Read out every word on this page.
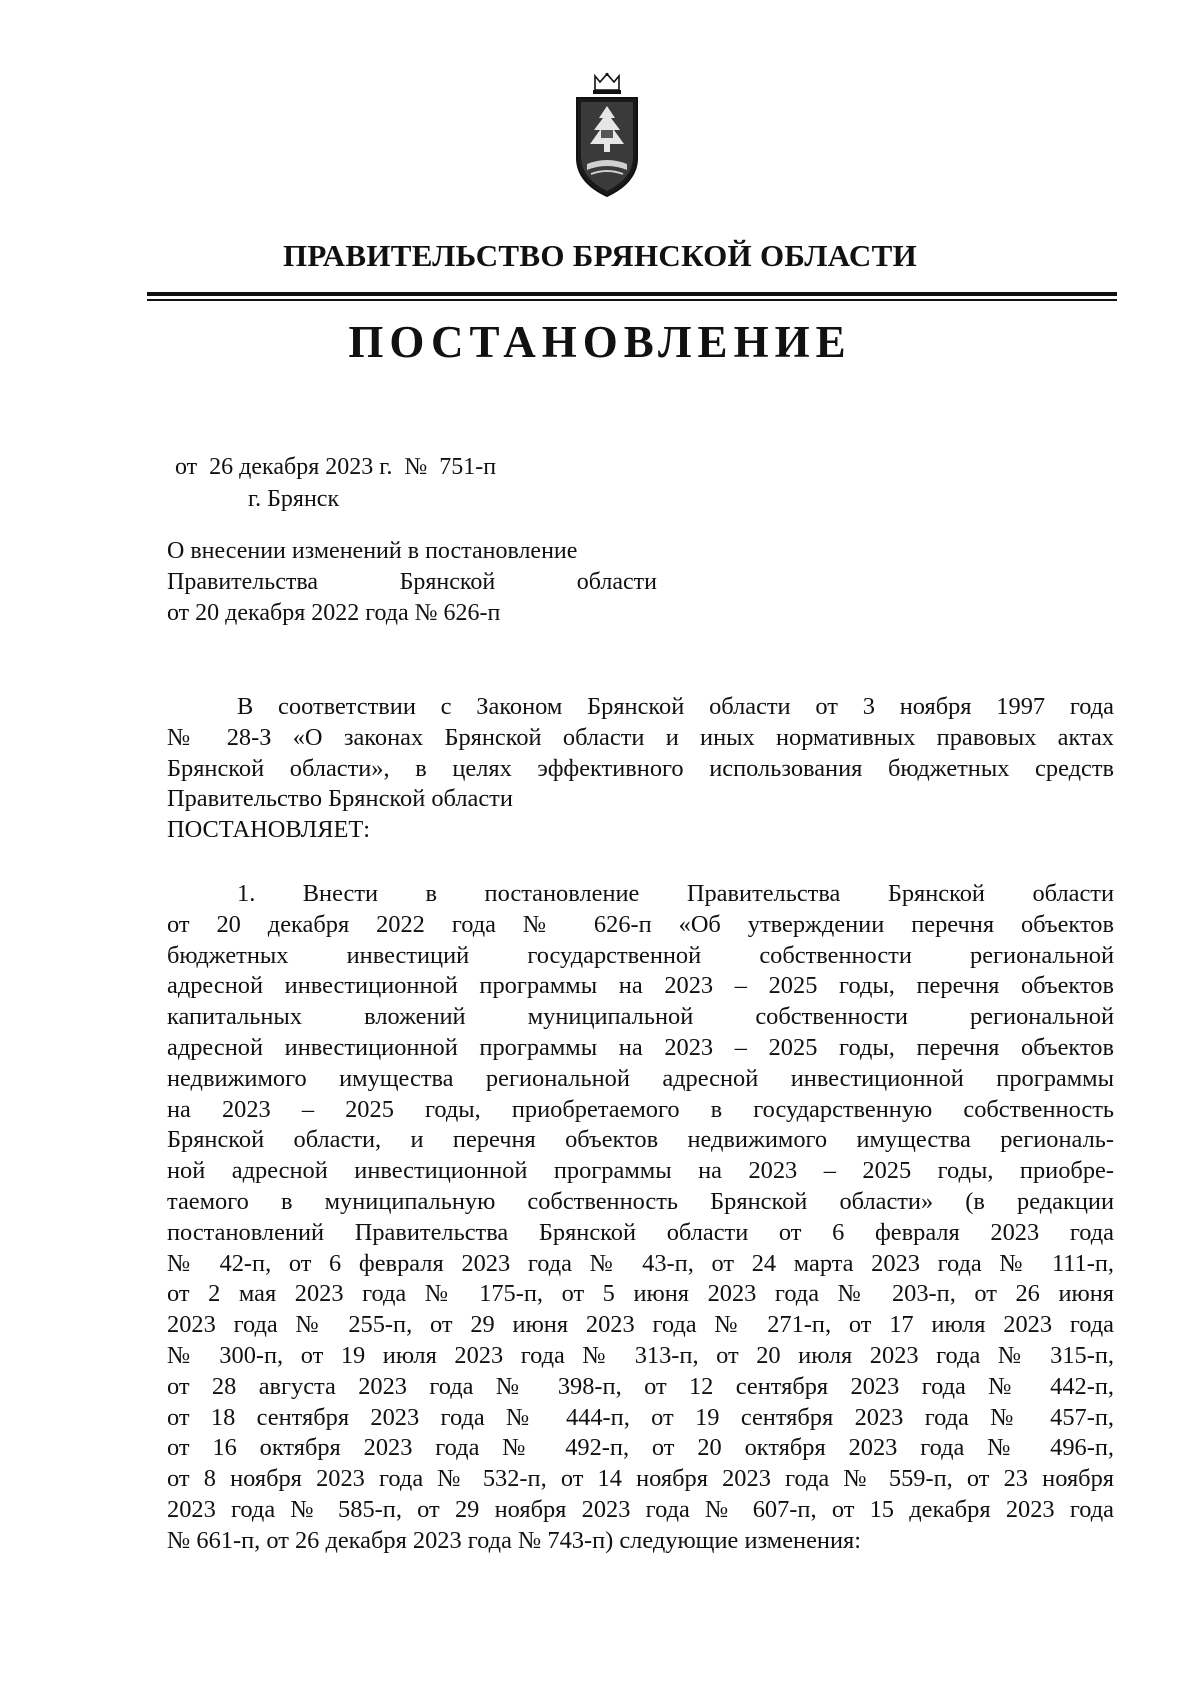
ПРАВИТЕЛЬСТВО БРЯНСКОЙ ОБЛАСТИ
ПОСТАНОВЛЕНИЕ
от 26 декабря 2023 г. № 751-п
г. Брянск
О внесении изменений в постановление
Правительства Брянской области
от 20 декабря 2022 года № 626-п
В соответствии с Законом Брянской области от 3 ноября 1997 года
№ 28-З «О законах Брянской области и иных нормативных правовых актах
Брянской области», в целях эффективного использования бюджетных средств
Правительство Брянской области
ПОСТАНОВЛЯЕТ:
1. Внести в постановление Правительства Брянской области
от 20 декабря 2022 года № 626-п «Об утверждении перечня объектов
бюджетных инвестиций государственной собственности региональной
адресной инвестиционной программы на 2023 – 2025 годы, перечня объектов
капитальных вложений муниципальной собственности региональной
адресной инвестиционной программы на 2023 – 2025 годы, перечня объектов
недвижимого имущества региональной адресной инвестиционной программы
на 2023 – 2025 годы, приобретаемого в государственную собственность
Брянской области, и перечня объектов недвижимого имущества региональ-
ной адресной инвестиционной программы на 2023 – 2025 годы, приобре-
таемого в муниципальную собственность Брянской области» (в редакции
постановлений Правительства Брянской области от 6 февраля 2023 года
№ 42-п, от 6 февраля 2023 года № 43-п, от 24 марта 2023 года № 111-п,
от 2 мая 2023 года № 175-п, от 5 июня 2023 года № 203-п, от 26 июня
2023 года № 255-п, от 29 июня 2023 года № 271-п, от 17 июля 2023 года
№ 300-п, от 19 июля 2023 года № 313-п, от 20 июля 2023 года № 315-п,
от 28 августа 2023 года № 398-п, от 12 сентября 2023 года № 442-п,
от 18 сентября 2023 года № 444-п, от 19 сентября 2023 года № 457-п,
от 16 октября 2023 года № 492-п, от 20 октября 2023 года № 496-п,
от 8 ноября 2023 года № 532-п, от 14 ноября 2023 года № 559-п, от 23 ноября
2023 года № 585-п, от 29 ноября 2023 года № 607-п, от 15 декабря 2023 года
№ 661-п, от 26 декабря 2023 года № 743-п) следующие изменения:
